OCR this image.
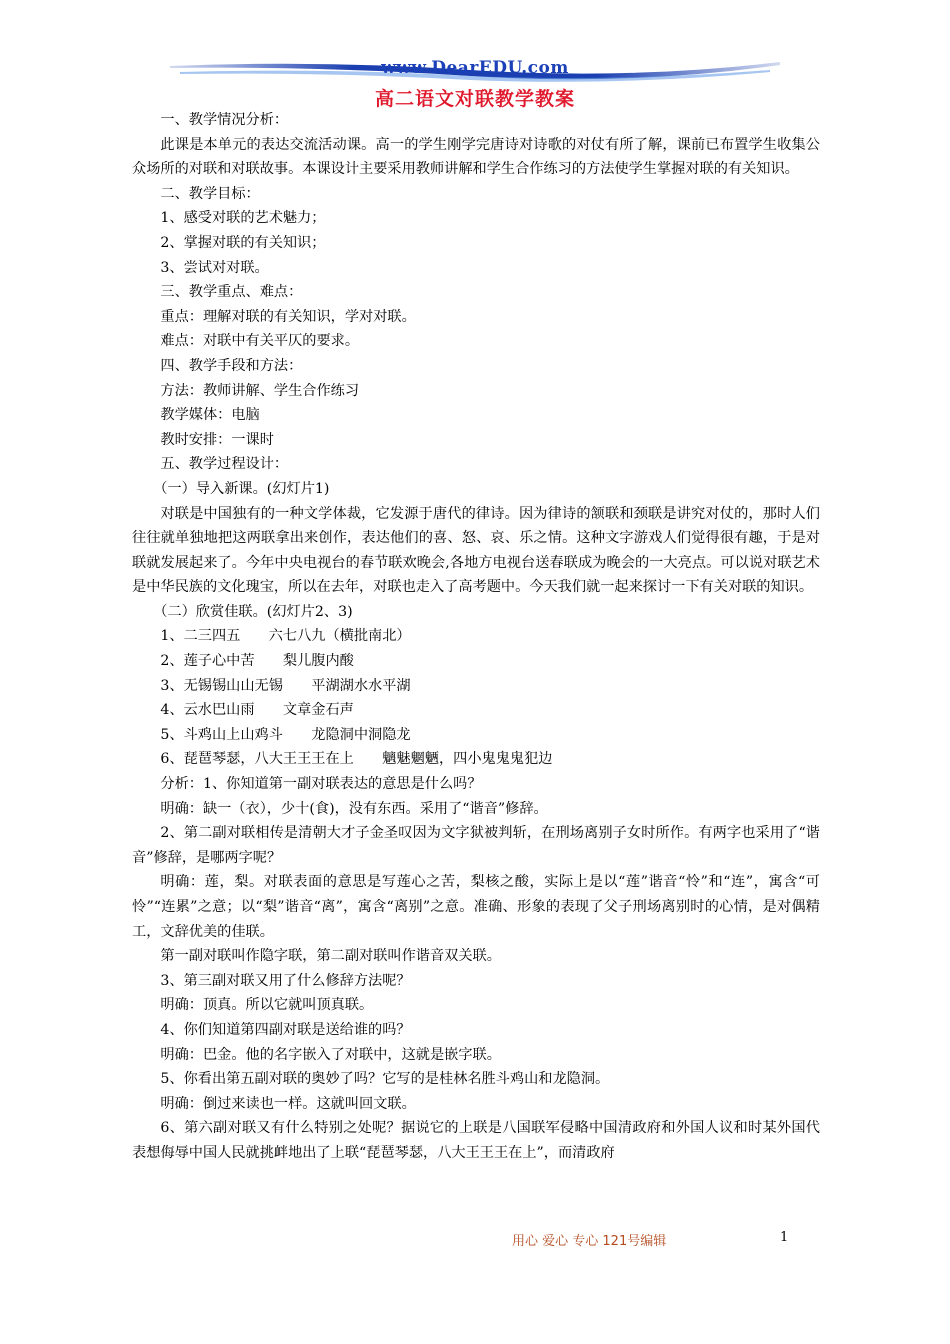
www.DearEDU.com
高二语文对联教学教案

一、教学情况分析：

此课是本单元的表达交流活动课。高一的学生刚学完唐诗对诗歌的对仗有所了解，课前已布置学生收集公众场所的对联和对联故事。本课设计主要采用教师讲解和学生合作练习的方法使学生掌握对联的有关知识。

二、教学目标：

1、感受对联的艺术魅力；

2、掌握对联的有关知识；

3、尝试对对联。

三、教学重点、难点：

重点：理解对联的有关知识，学对对联。

难点：对联中有关平仄的要求。

四、教学手段和方法：

方法：教师讲解、学生合作练习

教学媒体：电脑

教时安排：一课时

五、教学过程设计：

（一）导入新课。(幻灯片1)

对联是中国独有的一种文学体裁，它发源于唐代的律诗。因为律诗的颔联和颈联是讲究对仗的，那时人们往往就单独地把这两联拿出来创作，表达他们的喜、怒、哀、乐之情。这种文字游戏人们觉得很有趣，于是对联就发展起来了。今年中央电视台的春节联欢晚会,各地方电视台送春联成为晚会的一大亮点。可以说对联艺术是中华民族的文化瑰宝，所以在去年，对联也走入了高考题中。今天我们就一起来探讨一下有关对联的知识。

（二）欣赏佳联。(幻灯片2、3)

1、二三四五　　六七八九（横批南北）

2、莲子心中苦　　梨儿腹内酸

3、无锡锡山山无锡　　平湖湖水水平湖

4、云水巴山雨　　文章金石声

5、斗鸡山上山鸡斗　　龙隐洞中洞隐龙

6、琵琶琴瑟，八大王王王在上　　魑魅魍魉，四小鬼鬼鬼犯边

分析：1、你知道第一副对联表达的意思是什么吗？

明确：缺一（衣），少十(食)，没有东西。采用了“谐音”修辞。

2、第二副对联相传是清朝大才子金圣叹因为文字狱被判斩，在刑场离别子女时所作。有两字也采用了“谐音”修辞，是哪两字呢？

明确：莲，梨。对联表面的意思是写莲心之苦，梨核之酸，实际上是以“莲”谐音“怜”和“连”，寓含“可怜”“连累”之意；以“梨”谐音“离”，寓含“离别”之意。准确、形象的表现了父子刑场离别时的心情，是对偶精工，文辞优美的佳联。

第一副对联叫作隐字联，第二副对联叫作谐音双关联。

3、第三副对联又用了什么修辞方法呢？

明确：顶真。所以它就叫顶真联。

4、你们知道第四副对联是送给谁的吗？

明确：巴金。他的名字嵌入了对联中，这就是嵌字联。

5、你看出第五副对联的奥妙了吗？它写的是桂林名胜斗鸡山和龙隐洞。

明确：倒过来读也一样。这就叫回文联。

6、第六副对联又有什么特别之处呢？据说它的上联是八国联军侵略中国清政府和外国人议和时某外国代表想侮辱中国人民就挑衅地出了上联“琵琶琴瑟，八大王王王在上”，而清政府

用心 爱心 专心 121号编辑	1
